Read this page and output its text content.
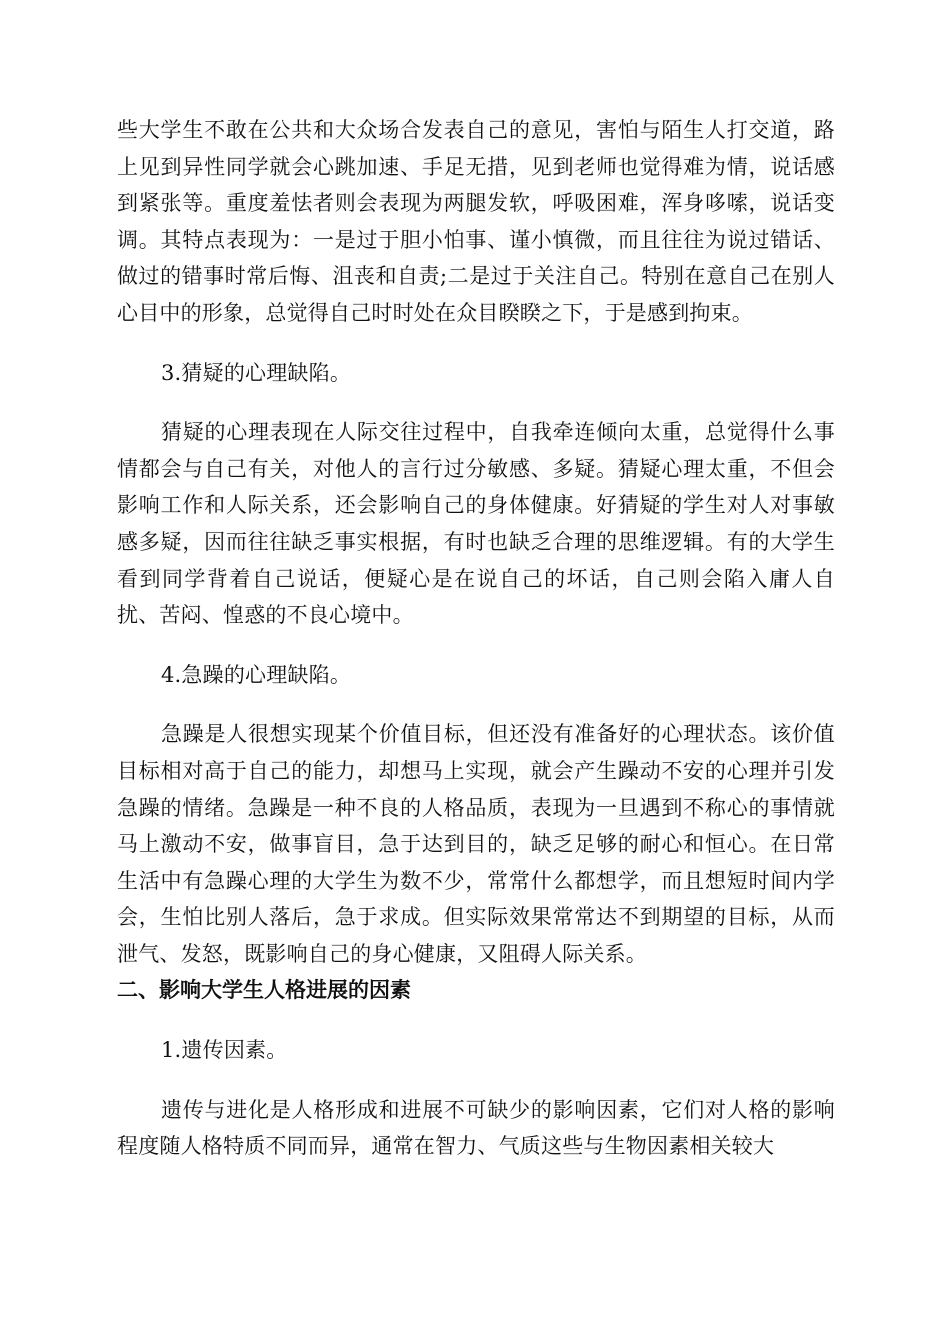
些大学生不敢在公共和大众场合发表自己的意见，害怕与陌生人打交道，路上见到异性同学就会心跳加速、手足无措，见到老师也觉得难为情，说话感到紧张等。重度羞怯者则会表现为两腿发软，呼吸困难，浑身哆嗦，说话变调。其特点表现为：一是过于胆小怕事、谨小慎微，而且往往为说过错话、做过的错事时常后悔、沮丧和自责;二是过于关注自己。特别在意自己在别人心目中的形象，总觉得自己时时处在众目睽睽之下，于是感到拘束。

3.猜疑的心理缺陷。

猜疑的心理表现在人际交往过程中，自我牵连倾向太重，总觉得什么事情都会与自己有关，对他人的言行过分敏感、多疑。猜疑心理太重，不但会影响工作和人际关系，还会影响自己的身体健康。好猜疑的学生对人对事敏感多疑，因而往往缺乏事实根据，有时也缺乏合理的思维逻辑。有的大学生看到同学背着自己说话，便疑心是在说自己的坏话，自己则会陷入庸人自扰、苦闷、惶惑的不良心境中。

4.急躁的心理缺陷。

急躁是人很想实现某个价值目标，但还没有准备好的心理状态。该价值目标相对高于自己的能力，却想马上实现，就会产生躁动不安的心理并引发急躁的情绪。急躁是一种不良的人格品质，表现为一旦遇到不称心的事情就马上激动不安，做事盲目，急于达到目的，缺乏足够的耐心和恒心。在日常生活中有急躁心理的大学生为数不少，常常什么都想学，而且想短时间内学会，生怕比别人落后，急于求成。但实际效果常常达不到期望的目标，从而泄气、发怒，既影响自己的身心健康，又阻碍人际关系。

二、影响大学生人格进展的因素

1.遗传因素。

遗传与进化是人格形成和进展不可缺少的影响因素，它们对人格的影响程度随人格特质不同而异，通常在智力、气质这些与生物因素相关较大
